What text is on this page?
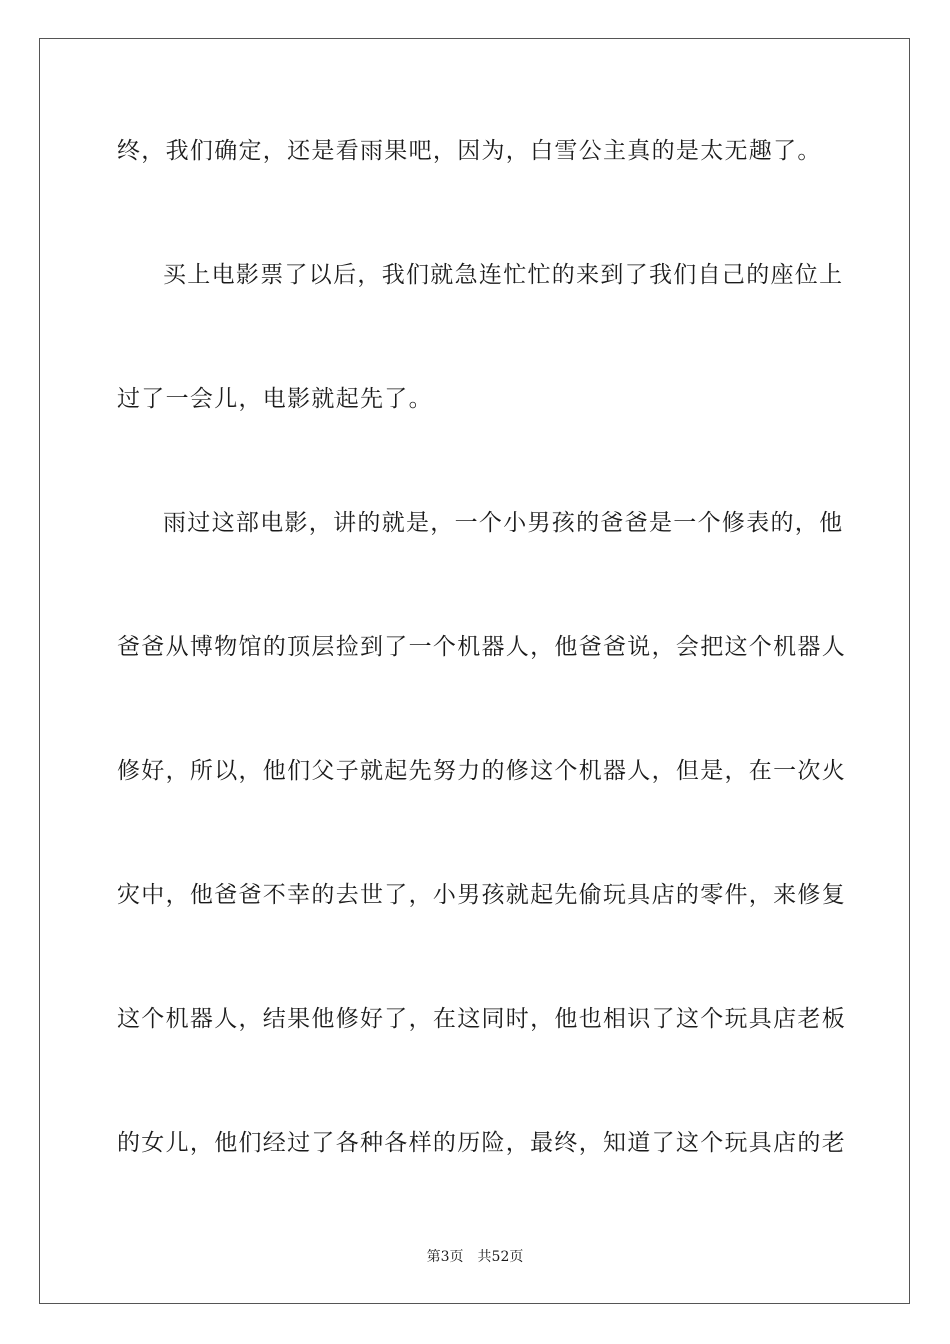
终，我们确定，还是看雨果吧，因为，白雪公主真的是太无趣了。
买上电影票了以后，我们就急连忙忙的来到了我们自己的座位上
过了一会儿，电影就起先了。
雨过这部电影，讲的就是，一个小男孩的爸爸是一个修表的，他
爸爸从博物馆的顶层捡到了一个机器人，他爸爸说，会把这个机器人
修好，所以，他们父子就起先努力的修这个机器人，但是，在一次火
灾中，他爸爸不幸的去世了，小男孩就起先偷玩具店的零件，来修复
这个机器人，结果他修好了，在这同时，他也相识了这个玩具店老板
的女儿，他们经过了各种各样的历险，最终，知道了这个玩具店的老
第3页 共52页
